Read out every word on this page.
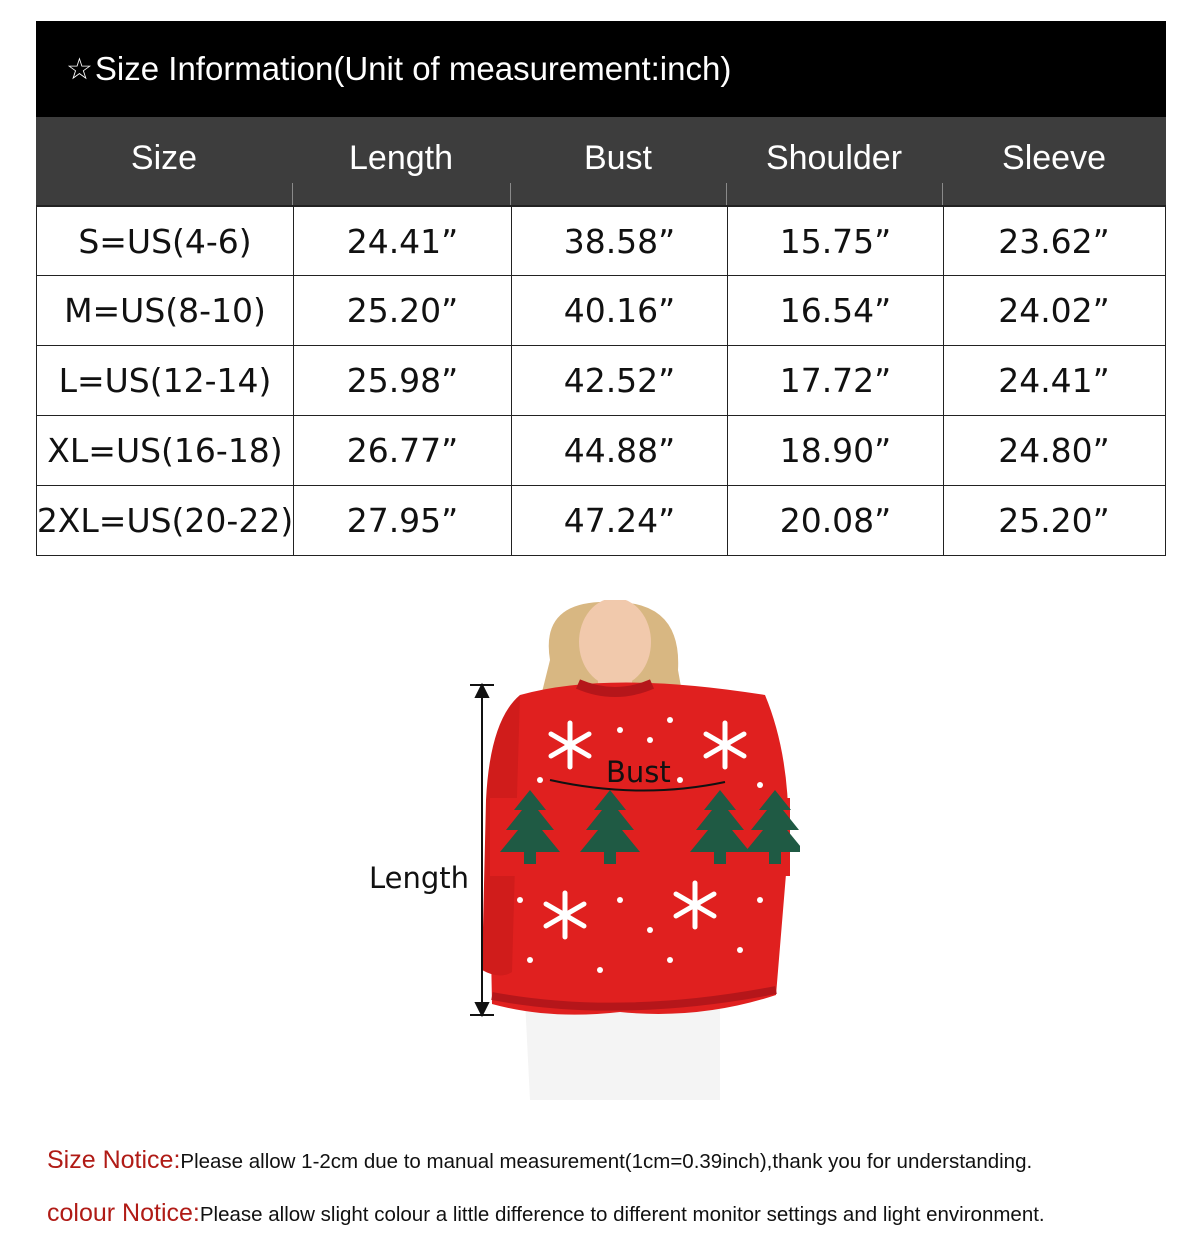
☆ Size Information(Unit of measurement:inch)
Size	Length	Bust	Shoulder	Sleeve
S=US(4-6)	24.41”	38.58”	15.75”	23.62”
M=US(8-10)	25.20”	40.16”	16.54”	24.02”
L=US(12-14)	25.98”	42.52”	17.72”	24.41”
XL=US(16-18)	26.77”	44.88”	18.90”	24.80”
2XL=US(20-22)	27.95”	47.24”	20.08”	25.20”
Bust
Length
Size Notice:Please allow 1-2cm due to manual measurement(1cm=0.39inch),thank you for understanding.
colour Notice:Please allow slight colour a little difference to different monitor settings and light environment.
